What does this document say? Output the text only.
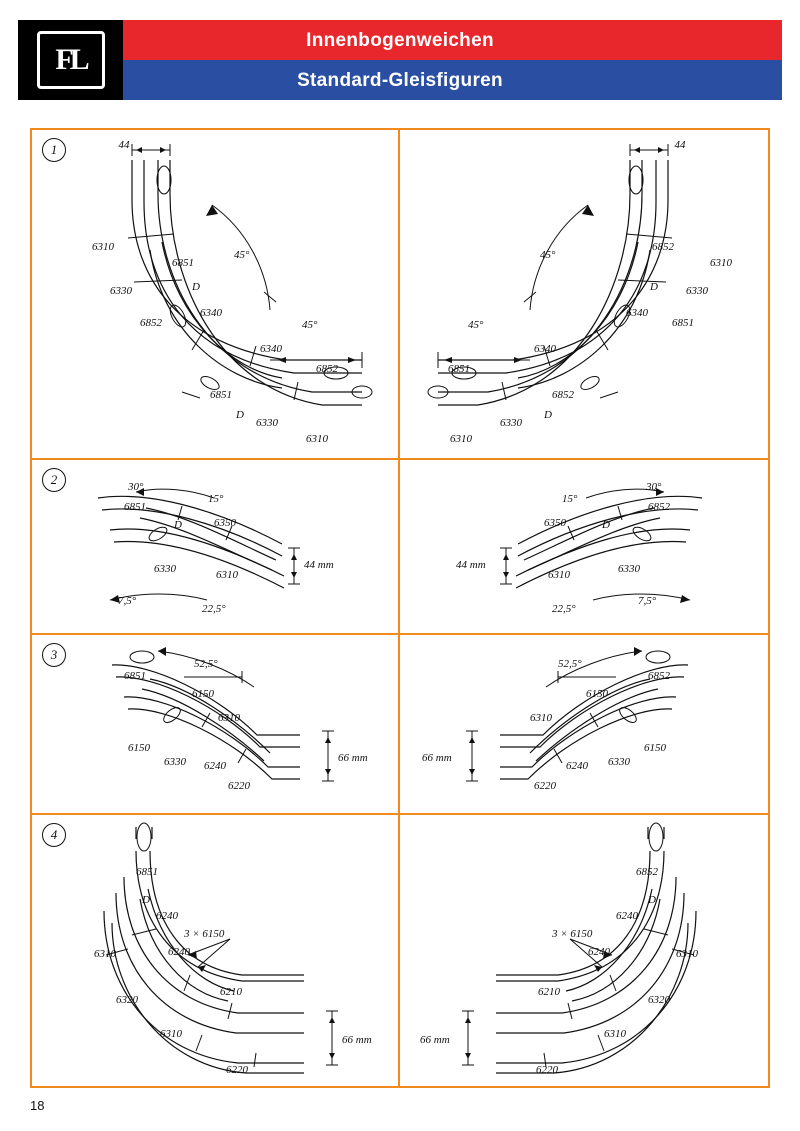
Innenbogenweichen
Standard-Gleisfiguren
FL
1	44
6310
6851
6330	D
6340
6852
6340
6852
6851
D
6330
6310
45°
45°
44
6852
6310
D	6330
6340
6851
6340
6851
6852
D
6330
6310
45°
45°
2	30°
15°
7,5°
22,5°
6851
D	6350
6330	6310
44 mm
15°
30°
22,5°
7,5°
6852
6350	D
6330
6310
44 mm
3
6851
6150
6310
6150
6330 6240
6220
52,5°
66 mm
6852
6150
6310
6150
6330
6240
6220
52,5°
66 mm
4
6851
D
6240
3 × 6150
6310	6240
6210
6320
6310
6220
66 mm
6852
D
6240
3 × 6150
6310
6240
6210
6320
6310
6220
66 mm
18
